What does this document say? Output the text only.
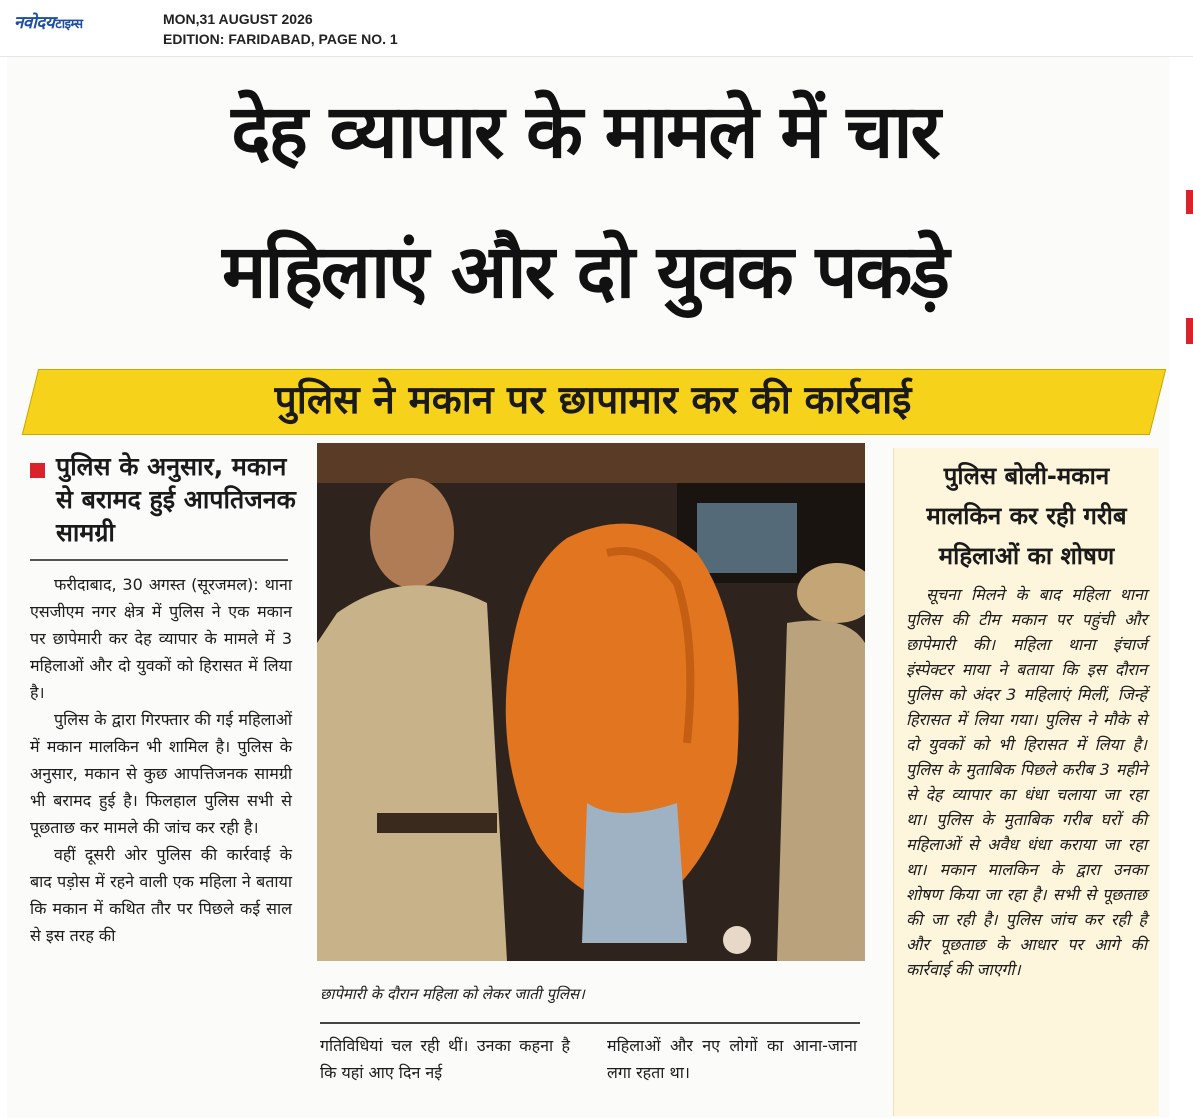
नवोदयटाइम्स	MON,31 AUGUST 2026
EDITION: FARIDABAD, PAGE NO. 1
देह व्यापार के मामले में चार
महिलाएं और दो युवक पकड़े
पुलिस ने मकान पर छापामार कर की कार्रवाई
पुलिस के अनुसार, मकान से बरामद हुई आपतिजनक सामग्री

फरीदाबाद, 30 अगस्त (सूरजमल): थाना एसजीएम नगर क्षेत्र में पुलिस ने एक मकान पर छापेमारी कर देह व्यापार के मामले में 3 महिलाओं और दो युवकों को हिरासत में लिया है।

पुलिस के द्वारा गिरफ्तार की गई महिलाओं में मकान मालकिन भी शामिल है। पुलिस के अनुसार, मकान से कुछ आपत्तिजनक सामग्री भी बरामद हुई है। फिलहाल पुलिस सभी से पूछताछ कर मामले की जांच कर रही है।

वहीं दूसरी ओर पुलिस की कार्रवाई के बाद पड़ोस में रहने वाली एक महिला ने बताया कि मकान में कथित तौर पर पिछले कई साल से इस तरह की

छापेमारी के दौरान महिला को लेकर जाती पुलिस।
गतिविधियां चल रही थीं। उनका कहना है कि यहां आए दिन नई
महिलाओं और नए लोगों का आना-जाना लगा रहता था।
पुलिस बोली-मकान मालकिन कर रही गरीब महिलाओं का शोषण

सूचना मिलने के बाद महिला थाना पुलिस की टीम मकान पर पहुंची और छापेमारी की। महिला थाना इंचार्ज इंस्पेक्टर माया ने बताया कि इस दौरान पुलिस को अंदर 3 महिलाएं मिलीं, जिन्हें हिरासत में लिया गया। पुलिस ने मौके से दो युवकों को भी हिरासत में लिया है। पुलिस के मुताबिक पिछले करीब 3 महीने से देह व्यापार का धंधा चलाया जा रहा था। पुलिस के मुताबिक गरीब घरों की महिलाओं से अवैध धंधा कराया जा रहा था। मकान मालकिन के द्वारा उनका शोषण किया जा रहा है। सभी से पूछताछ की जा रही है। पुलिस जांच कर रही है और पूछताछ के आधार पर आगे की कार्रवाई की जाएगी।
